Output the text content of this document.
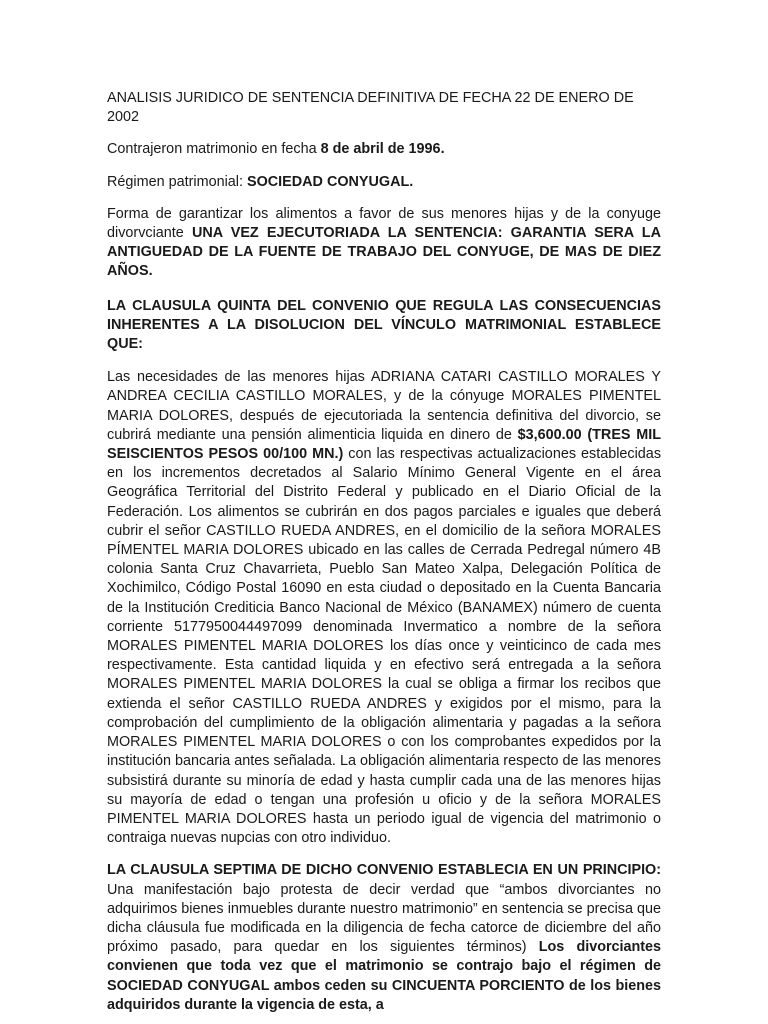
ANALISIS JURIDICO DE SENTENCIA DEFINITIVA DE FECHA 22 DE ENERO DE 2002

Contrajeron matrimonio en fecha 8 de abril de 1996.

Régimen patrimonial: SOCIEDAD CONYUGAL.

Forma de garantizar los alimentos a favor de sus menores hijas y de la conyuge divorvciante UNA VEZ EJECUTORIADA LA SENTENCIA: GARANTIA SERA LA ANTIGUEDAD DE LA FUENTE DE TRABAJO DEL CONYUGE, DE MAS DE DIEZ AÑOS.

LA CLAUSULA QUINTA DEL CONVENIO QUE REGULA LAS CONSECUENCIAS INHERENTES A LA DISOLUCION DEL VÍNCULO MATRIMONIAL ESTABLECE QUE:

Las necesidades de las menores hijas ADRIANA CATARI CASTILLO MORALES Y ANDREA CECILIA CASTILLO MORALES, y de la cónyuge MORALES PIMENTEL MARIA DOLORES, después de ejecutoriada la sentencia definitiva del divorcio, se cubrirá mediante una pensión alimenticia liquida en dinero de $3,600.00 (TRES MIL SEISCIENTOS PESOS 00/100 MN.) con las respectivas actualizaciones establecidas en los incrementos decretados al Salario Mínimo General Vigente en el área Geográfica Territorial del Distrito Federal y publicado en el Diario Oficial de la Federación. Los alimentos se cubrirán en dos pagos parciales e iguales que deberá cubrir el señor CASTILLO RUEDA ANDRES, en el domicilio de la señora MORALES PÍMENTEL MARIA DOLORES ubicado en las calles de Cerrada Pedregal número 4B colonia Santa Cruz Chavarrieta, Pueblo San Mateo Xalpa, Delegación Política de Xochimilco, Código Postal 16090 en esta ciudad o depositado en la Cuenta Bancaria de la Institución Crediticia Banco Nacional de México (BANAMEX) número de cuenta corriente 5177950044497099 denominada Invermatico a nombre de la señora MORALES PIMENTEL MARIA DOLORES los días once y veinticinco de cada mes respectivamente. Esta cantidad liquida y en efectivo será entregada a la señora MORALES PIMENTEL MARIA DOLORES la cual se obliga a firmar los recibos que extienda el señor CASTILLO RUEDA ANDRES y exigidos por el mismo, para la comprobación del cumplimiento de la obligación alimentaria y pagadas a la señora MORALES PIMENTEL MARIA DOLORES o con los comprobantes expedidos por la institución bancaria antes señalada. La obligación alimentaria respecto de las menores subsistirá durante su minoría de edad y hasta cumplir cada una de las menores hijas su mayoría de edad o tengan una profesión u oficio y de la señora MORALES PIMENTEL MARIA DOLORES hasta un periodo igual de vigencia del matrimonio o contraiga nuevas nupcias con otro individuo.

LA CLAUSULA SEPTIMA DE DICHO CONVENIO ESTABLECIA EN UN PRINCIPIO: Una manifestación bajo protesta de decir verdad que “ambos divorciantes no adquirimos bienes inmuebles durante nuestro matrimonio” en sentencia se precisa que dicha cláusula fue modificada en la diligencia de fecha catorce de diciembre del año próximo pasado, para quedar en los siguientes términos) Los divorciantes convienen que toda vez que el matrimonio se contrajo bajo el régimen de SOCIEDAD CONYUGAL ambos ceden su CINCUENTA PORCIENTO de los bienes adquiridos durante la vigencia de esta, a
